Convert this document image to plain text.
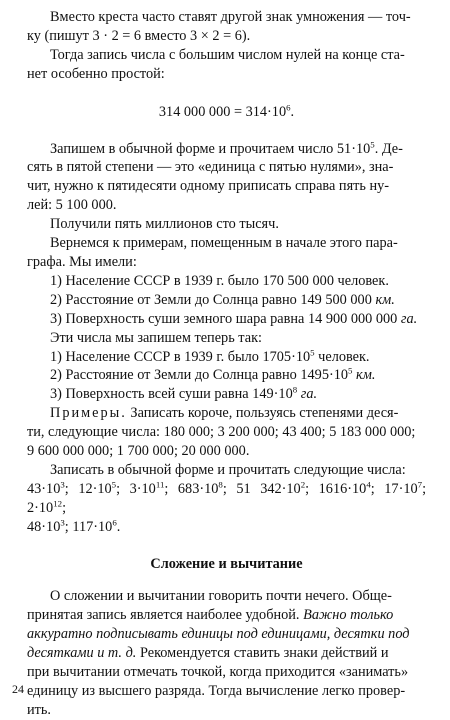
Вместо креста часто ставят другой знак умножения — точ-

ку (пишут 3 · 2 = 6 вместо 3 × 2 = 6).

Тогда запись числа с большим числом нулей на конце ста-

нет особенно простой:

314 000 $000 = 314\cdot 10^6$.

Запишем в обычной форме и прочитаем число $51\cdot 10^5$. Де-

сять в пятой степени — это «единица с пятью нулями», зна-

чит, нужно к пятидесяти одному приписать справа пять ну-

лей: 5 100 000.

Получили пять миллионов сто тысяч.

Вернемся к примерам, помещенным в начале этого пара-

графа. Мы имели:

1) Население СССР в 1939 г. было 170 500 000 человек.

2) Расстояние от Земли до Солнца равно 149 500 000 км.

3) Поверхность суши земного шара равна 14 900 000 000 га.

Эти числа мы запишем теперь так:

1) Население СССР в 1939 г. было $1705\cdot 10^5$ человек.

2) Расстояние от Земли до Солнца равно $1495\cdot 10^5$ км.

3) Поверхность всей суши равна $149\cdot 10^8$ га.

Примеры. Записать короче, пользуясь степенями деся-

ти, следующие числа: 180 000; 3 200 000; 43 400; 5 183 000 000;

9 600 000 000; 1 700 000; 20 000 000.

Записать в обычной форме и прочитать следующие числа:

$43\cdot 10^3$; $12\cdot 10^5$; $3\cdot 10^{11}$; $683\cdot 10^8$; 51 $342\cdot 10^2$; $1616\cdot 10^4$; $17\cdot 10^7$; $2\cdot 10^{12}$;

$48\cdot 10^3$; $117\cdot 10^6$.

Сложение и вычитание

О сложении и вычитании говорить почти нечего. Обще-

принятая запись является наиболее удобной. Важно только

аккуратно подписывать единицы под единицами, десятки под

десятками и т. д. Рекомендуется ставить знаки действий и

при вычитании отмечать точкой, когда приходится «занимать»

единицу из высшего разряда. Тогда вычисление легко провер-

ить.

24
